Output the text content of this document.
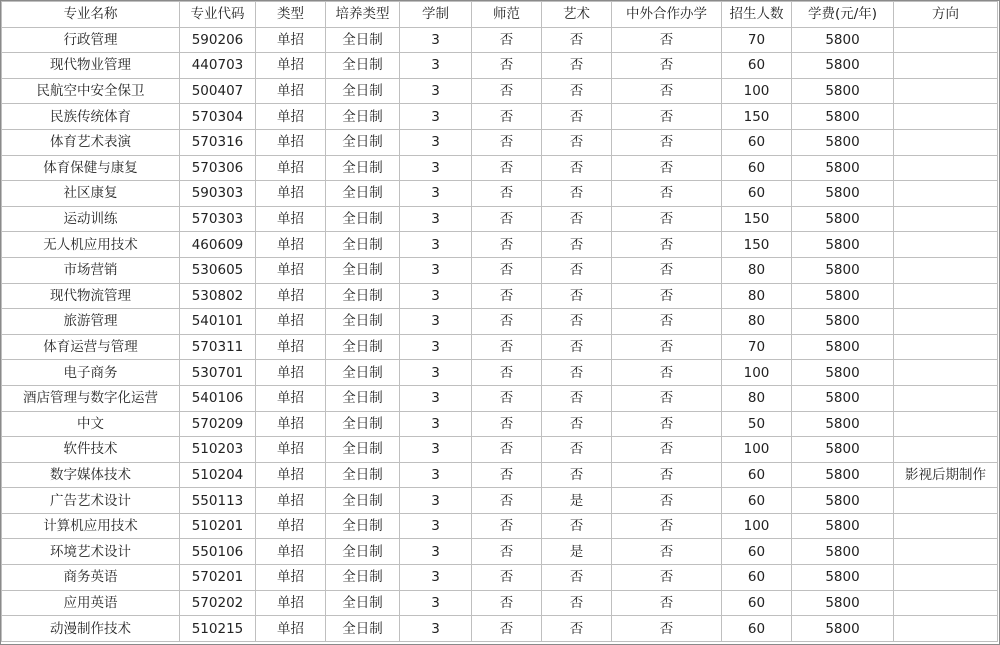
专业名称	专业代码	类型	培养类型	学制	师范	艺术	中外合作办学	招生人数	学费(元/年)	方向
行政管理	590206	单招	全日制	3	否	否	否	70	5800	
现代物业管理	440703	单招	全日制	3	否	否	否	60	5800	
民航空中安全保卫	500407	单招	全日制	3	否	否	否	100	5800	
民族传统体育	570304	单招	全日制	3	否	否	否	150	5800	
体育艺术表演	570316	单招	全日制	3	否	否	否	60	5800	
体育保健与康复	570306	单招	全日制	3	否	否	否	60	5800	
社区康复	590303	单招	全日制	3	否	否	否	60	5800	
运动训练	570303	单招	全日制	3	否	否	否	150	5800	
无人机应用技术	460609	单招	全日制	3	否	否	否	150	5800	
市场营销	530605	单招	全日制	3	否	否	否	80	5800	
现代物流管理	530802	单招	全日制	3	否	否	否	80	5800	
旅游管理	540101	单招	全日制	3	否	否	否	80	5800	
体育运营与管理	570311	单招	全日制	3	否	否	否	70	5800	
电子商务	530701	单招	全日制	3	否	否	否	100	5800	
酒店管理与数字化运营	540106	单招	全日制	3	否	否	否	80	5800	
中文	570209	单招	全日制	3	否	否	否	50	5800	
软件技术	510203	单招	全日制	3	否	否	否	100	5800	
数字媒体技术	510204	单招	全日制	3	否	否	否	60	5800	影视后期制作
广告艺术设计	550113	单招	全日制	3	否	是	否	60	5800	
计算机应用技术	510201	单招	全日制	3	否	否	否	100	5800	
环境艺术设计	550106	单招	全日制	3	否	是	否	60	5800	
商务英语	570201	单招	全日制	3	否	否	否	60	5800	
应用英语	570202	单招	全日制	3	否	否	否	60	5800	
动漫制作技术	510215	单招	全日制	3	否	否	否	60	5800	
